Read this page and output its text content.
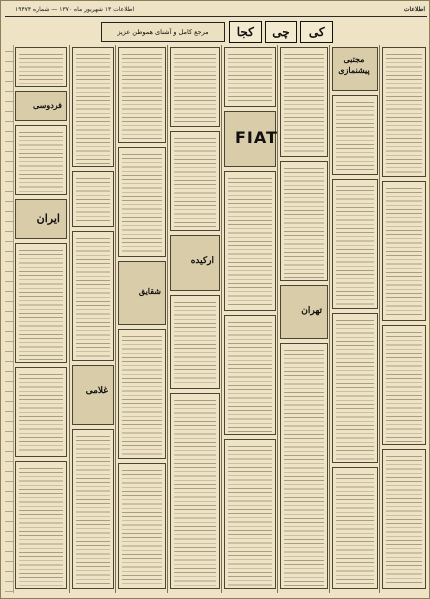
اطلاعات
اطلاعات ۱۳ شهریور ماه ۱۳۷۰ — شماره ۱۹۴۷۴
کی
چی
کجا
مرجع کامل و آشنای هموطن عزیز
فردوسی
ایران
غلامی
شقایق
ارکیده
FIAT
تهران
مجتبی پیشنمازی
